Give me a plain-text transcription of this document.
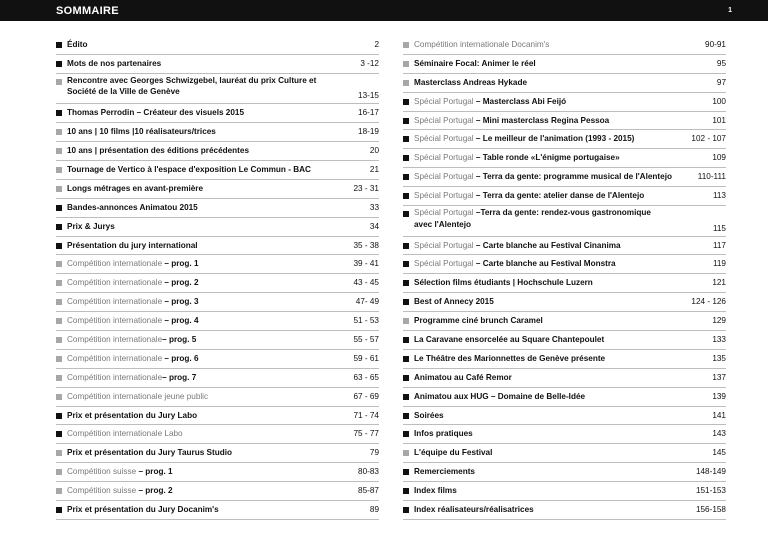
SOMMAIRE	1
Édito	2
Mots de nos partenaires	3 -12
Rencontre avec Georges Schwizgebel, lauréat du prix Culture et Société de la Ville de Genève	13-15
Thomas Perrodin – Créateur des visuels 2015	16-17
10 ans | 10 films |10 réalisateurs/trices	18-19
10 ans | présentation des éditions précédentes	20
Tournage de Vertico à l'espace d'exposition Le Commun - BAC	21
Longs métrages en avant-première	23 - 31
Bandes-annonces Animatou 2015	33
Prix & Jurys	34
Présentation du jury international	35 - 38
Compétition internationale – prog. 1	39 - 41
Compétition internationale – prog. 2	43 - 45
Compétition internationale – prog. 3	47- 49
Compétition internationale – prog. 4	51 - 53
Compétition internationale– prog. 5	55 - 57
Compétition internationale – prog. 6	59 - 61
Compétition internationale– prog. 7	63 - 65
Compétition internationale jeune public	67 - 69
Prix et présentation du Jury Labo	71 - 74
Compétition internationale Labo	75 - 77
Prix et présentation du Jury Taurus Studio	79
Compétition suisse – prog. 1	80-83
Compétition suisse – prog. 2	85-87
Prix et présentation du Jury Docanim's	89
Compétition internationale Docanim's	90-91
Séminaire Focal: Animer le réel	95
Masterclass Andreas Hykade	97
Spécial Portugal – Masterclass Abi Feijó	100
Spécial Portugal – Mini masterclass Regina Pessoa	101
Spécial Portugal – Le meilleur de l'animation (1993 - 2015)	102 - 107
Spécial Portugal – Table ronde «L'énigme portugaise»	109
Spécial Portugal – Terra da gente: programme musical de l'Alentejo	110-111
Spécial Portugal – Terra da gente: atelier danse de l'Alentejo	113
Spécial Portugal –Terra da gente: rendez-vous gastronomique avec l'Alentejo	115
Spécial Portugal – Carte blanche au Festival Cinanima	117
Spécial Portugal – Carte blanche au Festival Monstra	119
Sélection films étudiants | Hochschule Luzern	121
Best of Annecy 2015	124 - 126
Programme ciné brunch Caramel	129
La Caravane ensorcelée au Square Chantepoulet	133
Le Théâtre des Marionnettes de Genève présente	135
Animatou au Café Remor	137
Animatou aux HUG – Domaine de Belle-Idée	139
Soirées	141
Infos pratiques	143
L'équipe du Festival	145
Remerciements	148-149
Index films	151-153
Index réalisateurs/réalisatrices	156-158
